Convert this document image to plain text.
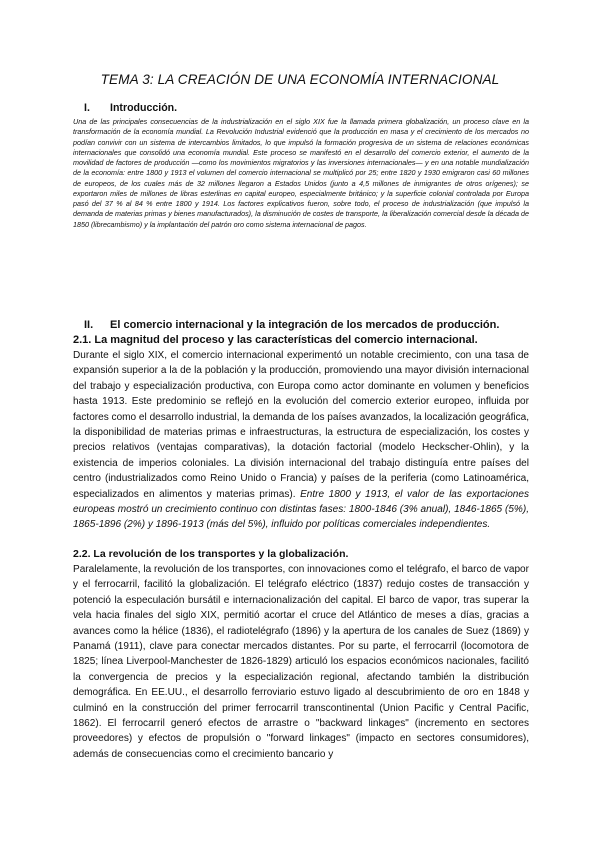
TEMA 3: LA CREACIÓN DE UNA ECONOMÍA INTERNACIONAL
I. Introducción.
Una de las principales consecuencias de la industrialización en el siglo XIX fue la llamada primera globalización, un proceso clave en la transformación de la economía mundial. La Revolución Industrial evidenció que la producción en masa y el crecimiento de los mercados no podían convivir con un sistema de intercambios limitados, lo que impulsó la formación progresiva de un sistema de relaciones económicas internacionales que consolidó una economía mundial. Este proceso se manifestó en el desarrollo del comercio exterior, el aumento de la movilidad de factores de producción —como los movimientos migratorios y las inversiones internacionales— y en una notable mundialización de la economía: entre 1800 y 1913 el volumen del comercio internacional se multiplicó por 25; entre 1820 y 1930 emigraron casi 60 millones de europeos, de los cuales más de 32 millones llegaron a Estados Unidos (junto a 4,5 millones de inmigrantes de otros orígenes); se exportaron miles de millones de libras esterlinas en capital europeo, especialmente británico; y la superficie colonial controlada por Europa pasó del 37 % al 84 % entre 1800 y 1914. Los factores explicativos fueron, sobre todo, el proceso de industrialización (que impulsó la demanda de materias primas y bienes manufacturados), la disminución de costes de transporte, la liberalización comercial desde la década de 1850 (librecambismo) y la implantación del patrón oro como sistema internacional de pagos.
II. El comercio internacional y la integración de los mercados de producción.
2.1. La magnitud del proceso y las características del comercio internacional.
Durante el siglo XIX, el comercio internacional experimentó un notable crecimiento, con una tasa de expansión superior a la de la población y la producción, promoviendo una mayor división internacional del trabajo y especialización productiva, con Europa como actor dominante en volumen y beneficios hasta 1913. Este predominio se reflejó en la evolución del comercio exterior europeo, influida por factores como el desarrollo industrial, la demanda de los países avanzados, la localización geográfica, la disponibilidad de materias primas e infraestructuras, la estructura de especialización, los costes y precios relativos (ventajas comparativas), la dotación factorial (modelo Heckscher-Ohlin), y la existencia de imperios coloniales. La división internacional del trabajo distinguía entre países del centro (industrializados como Reino Unido o Francia) y países de la periferia (como Latinoamérica, especializados en alimentos y materias primas). Entre 1800 y 1913, el valor de las exportaciones europeas mostró un crecimiento continuo con distintas fases: 1800-1846 (3% anual), 1846-1865 (5%), 1865-1896 (2%) y 1896-1913 (más del 5%), influido por políticas comerciales independientes.
2.2. La revolución de los transportes y la globalización.
Paralelamente, la revolución de los transportes, con innovaciones como el telégrafo, el barco de vapor y el ferrocarril, facilitó la globalización. El telégrafo eléctrico (1837) redujo costes de transacción y potenció la especulación bursátil e internacionalización del capital. El barco de vapor, tras superar la vela hacia finales del siglo XIX, permitió acortar el cruce del Atlántico de meses a días, gracias a avances como la hélice (1836), el radiotelégrafo (1896) y la apertura de los canales de Suez (1869) y Panamá (1911), clave para conectar mercados distantes. Por su parte, el ferrocarril (locomotora de 1825; línea Liverpool-Manchester de 1826-1829) articuló los espacios económicos nacionales, facilitó la convergencia de precios y la especialización regional, afectando también la distribución demográfica. En EE.UU., el desarrollo ferroviario estuvo ligado al descubrimiento de oro en 1848 y culminó en la construcción del primer ferrocarril transcontinental (Union Pacific y Central Pacific, 1862). El ferrocarril generó efectos de arrastre o "backward linkages" (incremento en sectores proveedores) y efectos de propulsión o "forward linkages" (impacto en sectores consumidores), además de consecuencias como el crecimiento bancario y
